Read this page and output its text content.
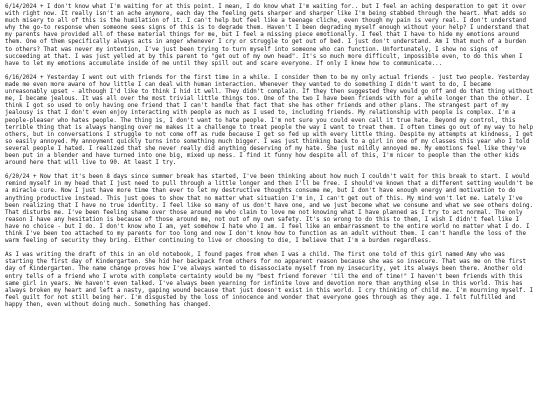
6/14/2024 + I don't know what I'm waiting for at this point. I mean, I do know what I'm waiting for.. but I feel an aching desperation to get it over with right now. It really isn't an ache anymore, each day the feeling gets sharper and sharper like I'm being stabbed through the heart. What adds so much misery to all of this is the humilation of it. I can't help but feel like a teenage cliche, even though my pain is very real. I don't understand why the go-to response when someone sees signs of this is to degrade them. Haven't I been degrading myself enough without your help? I understand that my parents have provided all of these material things for me, but I feel a missing piece emotionally. I feel that I have to hide my emotions around them. One of them specifically always acts in anger whenever I cry or struggle to get out of bed. I just don't understand. Am I that much of a burden to others? That was never my intention, I've just been trying to turn myself into someone who can function. Unfortunately, I show no signs of succeeding at that. I was just yelled at by this parent to "get out of my own head". It's so much more difficult, impossible even, to do this when I have to let my emotions accumulate inside of me until they spill out and scare everyone. If only I knew how to communicate...

6/16/2024 + Yesterday I went out with friends for the first time in a while. I consider them to be my only actual friends - just two people. Yesterday made me even more aware of how little I can deal with human interaction. Whenever they wanted to do something I didn't want to do, I became unreasonably upset - although I'd like to think I hid it well. They didn't complain. If they then suggested they would go off and do that thing without me, I became jealous. It was all over the most trivial little things too. One of the two I have been friends with for a while longer than the other. I think I got so used to only having one friend that I can't handle that fact that she has other friends and other plans. The strangest part of my jealousy is that I don't even enjoy interacting with people as much as I used to, including friends. My relationship with people is complex. I'm a people-pleaser who hates people. The thing is, I don't want to hate people. I'm not sure you could even call it true hate. Beyond my control, this terrible thing that is always hanging over me makes it a challenge to treat people the way I want to treat them. I often times go out of my way to help others, but in conversations I struggle to not come off as rude because I get so fed up with every little thing. Despite my attempts at kindness, I get so easily annoyed. My annoyment quickly turns into something much bigger. I was just thinking back to a girl in one of my classes this year who I told several people I hated. I realized that she never really did anything deserving of my hate. She just mildly annoyed me. My emotions feel like they've been put in a blender and have turned into one big, mixed up mess. I find it funny how despite all of this, I'm nicer to people than the other kids around here that will live to 90. At least I try.

6/20/24 + Now that it's been 8 days since summer break has started, I've been thinking about how much I couldn't wait for this break to start. I would remind myself in my head that I just need to pull through a little longer and then I'll be free. I should've known that a different setting wouldn't be a miracle cure. Now I just have more time than ever to let my destructive thoughts consume me, but I don't have enough energy and motivation to do anything productive instead. This just goes to show that no matter what situation I'm in, I can't get out of this. My mind won't let me. Lately I've been realizing that I have no true identity. I feel like so many of us don't have one, and we just become what we consume and what we see others doing. That disturbs me. I've been feeling shame over those around me who claim to love me not knowing what I have planned as I try to act normal. The only reason I have any hesitation is because of those around me, not out of my own safety. It's so wrong to do this to them, I wish I didn't feel like I have no choice - but I do. I don't know who I am, yet somehow I hate who I am. I feel like an embarrassment to the entire world no matter what I do. I think I've been too attached to my parents for too long and now I don't know how to function as an adult without them. I can't handle the loss of the warm feeling of security they bring. Either continuing to live or choosing to die, I believe that I'm a burden regardless.

As I was writing the draft of this in an old notebook, I found pages from when I was a child. The first one told of this girl named Amy who was starting the first day of Kindergarten. She hid her backpack from others for no apparent reason because she was so insecure. That was me on the first day of Kindergarten. The name change proves how I've always wanted to disassociate myself from my insecurity, yet its always been there. Another old entry tells of a friend who I wrote with complete certainty would be my "best friend forever 'til the end of time!" I haven't been friends with this same girl in years. We haven't even talked. I've always been yearning for infinite love and devotion more than anything else in this world. This has always broken my heart and left a nasty, gaping wound because that just doesn't exist in this world. I cry thinking of child me. I'm mourning myself. I feel guilt for not still being her. I'm disgusted by the loss of innocence and wonder that everyone goes through as they age. I felt fulfilled and happy then, even without doing much. Something has changed.
